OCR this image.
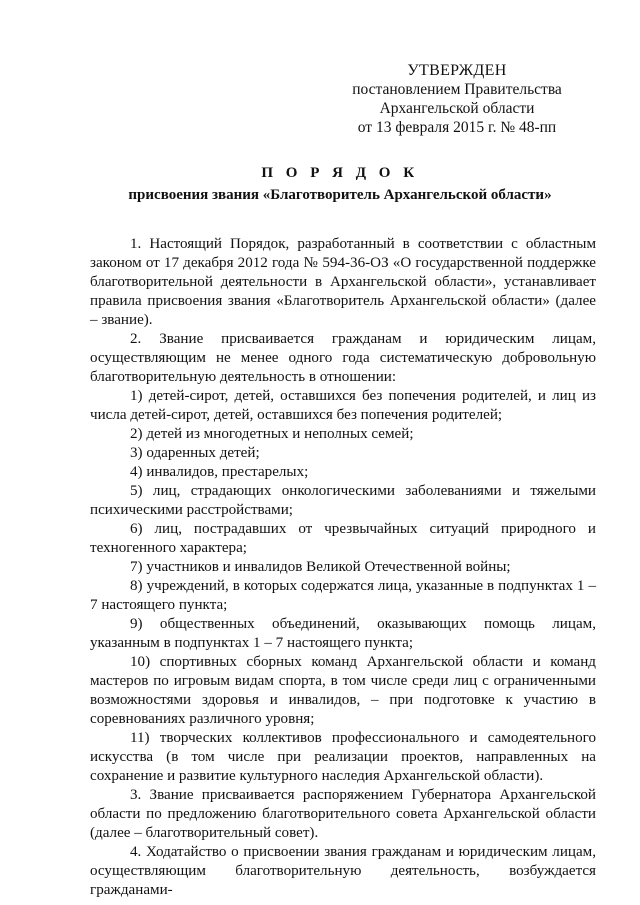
УТВЕРЖДЕН
постановлением Правительства
Архангельской области
от 13 февраля 2015 г. № 48-пп
П О Р Я Д О К
присвоения звания «Благотворитель Архангельской области»

1. Настоящий Порядок, разработанный в соответствии с областным законом от 17 декабря 2012 года № 594-36-ОЗ «О государственной поддержке благотворительной деятельности в Архангельской области», устанавливает правила присвоения звания «Благотворитель Архангельской области» (далее – звание).

2. Звание присваивается гражданам и юридическим лицам, осуществляющим не менее одного года систематическую добровольную благотворительную деятельность в отношении:

1) детей-сирот, детей, оставшихся без попечения родителей, и лиц из числа детей-сирот, детей, оставшихся без попечения родителей;

2) детей из многодетных и неполных семей;

3) одаренных детей;

4) инвалидов, престарелых;

5) лиц, страдающих онкологическими заболеваниями и тяжелыми психическими расстройствами;

6) лиц, пострадавших от чрезвычайных ситуаций природного и техногенного характера;

7) участников и инвалидов Великой Отечественной войны;

8) учреждений, в которых содержатся лица, указанные в подпунктах 1 – 7 настоящего пункта;

9) общественных объединений, оказывающих помощь лицам, указанным в подпунктах 1 – 7 настоящего пункта;

10) спортивных сборных команд Архангельской области и команд мастеров по игровым видам спорта, в том числе среди лиц с ограниченными возможностями здоровья и инвалидов, – при подготовке к участию в соревнованиях различного уровня;

11) творческих коллективов профессионального и самодеятельного искусства (в том числе при реализации проектов, направленных на сохранение и развитие культурного наследия Архангельской области).

3. Звание присваивается распоряжением Губернатора Архангельской области по предложению благотворительного совета Архангельской области (далее – благотворительный совет).

4. Ходатайство о присвоении звания гражданам и юридическим лицам, осуществляющим благотворительную деятельность, возбуждается гражданами-
